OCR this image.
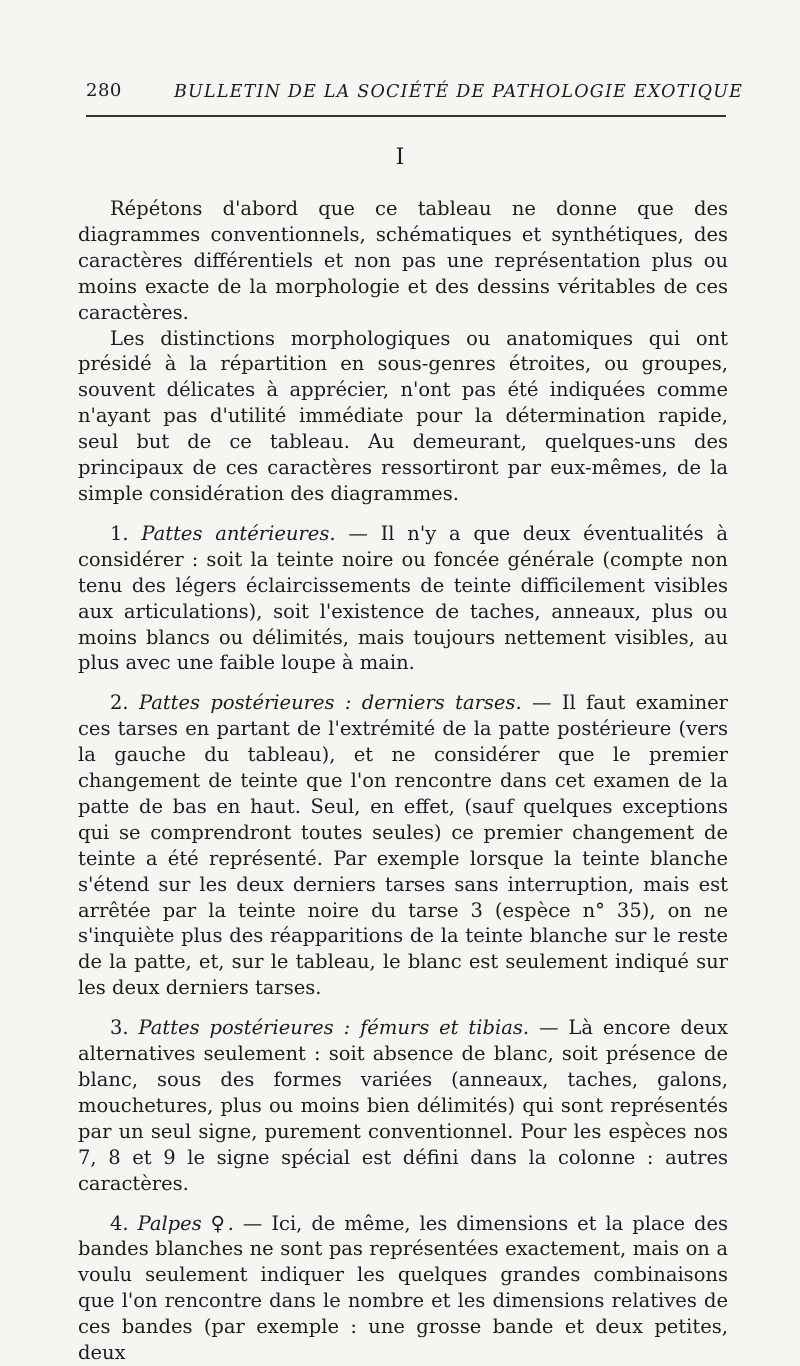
280	BULLETIN DE LA SOCIÉTÉ DE PATHOLOGIE EXOTIQUE
I

Répétons d'abord que ce tableau ne donne que des diagrammes conventionnels, schématiques et synthétiques, des caractères différentiels et non pas une représentation plus ou moins exacte de la morphologie et des dessins véritables de ces caractères.

Les distinctions morphologiques ou anatomiques qui ont présidé à la répartition en sous-genres étroites, ou groupes, souvent délicates à apprécier, n'ont pas été indiquées comme n'ayant pas d'utilité immédiate pour la détermination rapide, seul but de ce tableau. Au demeurant, quelques-uns des principaux de ces caractères ressortiront par eux-mêmes, de la simple considération des diagrammes.

1. Pattes antérieures. — Il n'y a que deux éventualités à considérer : soit la teinte noire ou foncée générale (compte non tenu des légers éclaircissements de teinte difficilement visibles aux articulations), soit l'existence de taches, anneaux, plus ou moins blancs ou délimités, mais toujours nettement visibles, au plus avec une faible loupe à main.

2. Pattes postérieures : derniers tarses. — Il faut examiner ces tarses en partant de l'extrémité de la patte postérieure (vers la gauche du tableau), et ne considérer que le premier changement de teinte que l'on rencontre dans cet examen de la patte de bas en haut. Seul, en effet, (sauf quelques exceptions qui se comprendront toutes seules) ce premier changement de teinte a été représenté. Par exemple lorsque la teinte blanche s'étend sur les deux derniers tarses sans interruption, mais est arrêtée par la teinte noire du tarse 3 (espèce n° 35), on ne s'inquiète plus des réapparitions de la teinte blanche sur le reste de la patte, et, sur le tableau, le blanc est seulement indiqué sur les deux derniers tarses.

3. Pattes postérieures : fémurs et tibias. — Là encore deux alternatives seulement : soit absence de blanc, soit présence de blanc, sous des formes variées (anneaux, taches, galons, mouchetures, plus ou moins bien délimités) qui sont représentés par un seul signe, purement conventionnel. Pour les espèces nos 7, 8 et 9 le signe spécial est défini dans la colonne : autres caractères.

4. Palpes ♀. — Ici, de même, les dimensions et la place des bandes blanches ne sont pas représentées exactement, mais on a voulu seulement indiquer les quelques grandes combinaisons que l'on rencontre dans le nombre et les dimensions relatives de ces bandes (par exemple : une grosse bande et deux petites, deux
